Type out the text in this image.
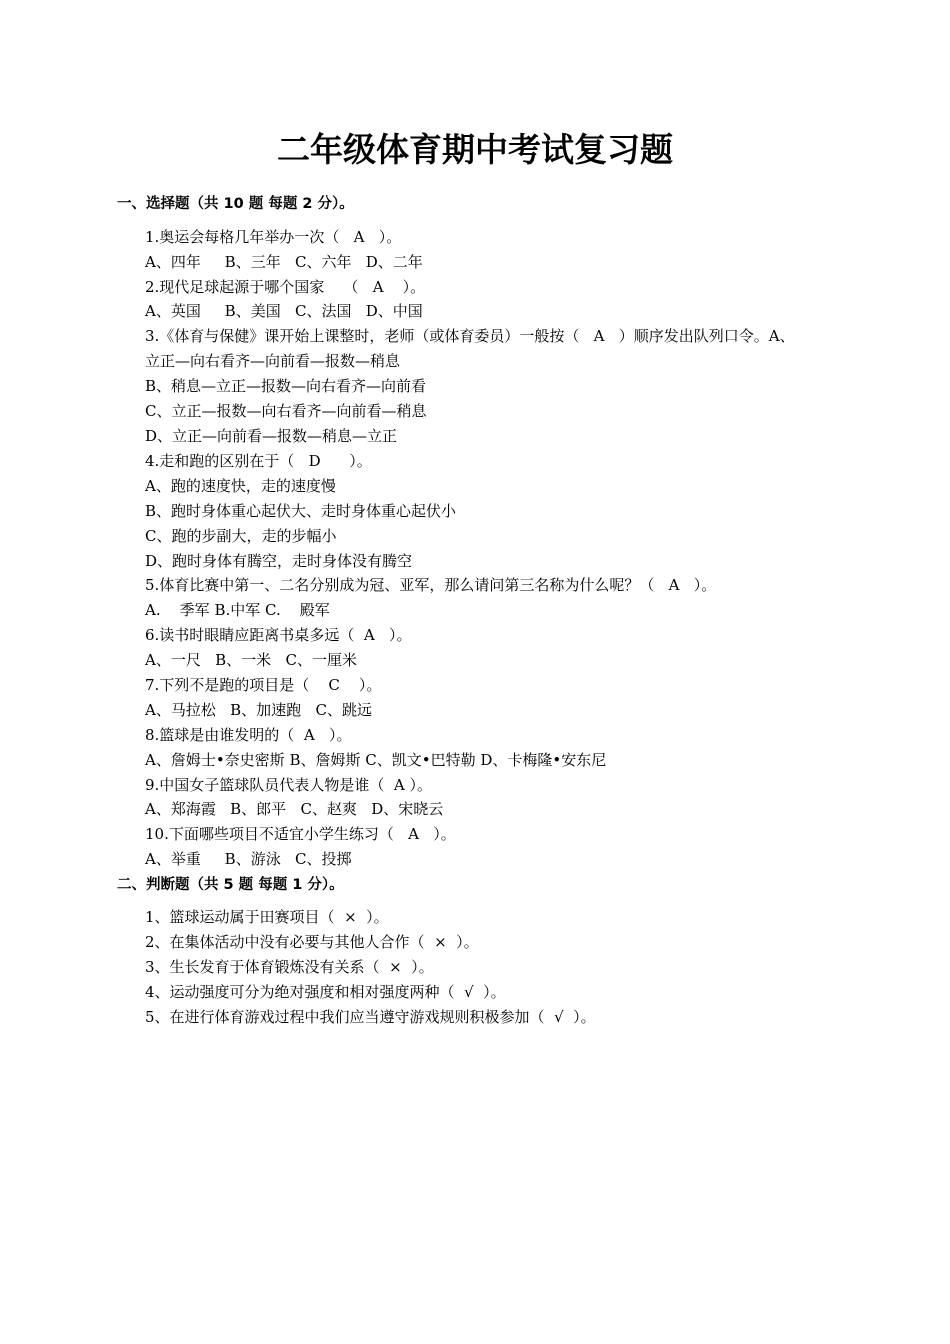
二年级体育期中考试复习题
一、选择题（共 10 题 每题 2 分）。
1.奥运会每格几年举办一次（   A   ）。
A、四年     B、三年   C、六年   D、二年
2.现代足球起源于哪个国家    （   A    ）。
A、英国     B、美国   C、法国   D、中国
3.《体育与保健》课开始上课整时，老师（或体育委员）一般按（   A   ）顺序发出队列口令。A、
立正—向右看齐—向前看—报数—稍息
B、稍息—立正—报数—向右看齐—向前看
C、立正—报数—向右看齐—向前看—稍息
D、立正—向前看—报数—稍息—立正
4.走和跑的区别在于（   D      ）。
A、跑的速度快，走的速度慢
B、跑时身体重心起伏大、走时身体重心起伏小
C、跑的步副大，走的步幅小
D、跑时身体有腾空，走时身体没有腾空
5.体育比赛中第一、二名分别成为冠、亚军，那么请问第三名称为什么呢？（   A   ）。
A.    季军 B.中军 C.    殿军
6.读书时眼睛应距离书桌多远（  A   ）。
A、一尺   B、一米   C、一厘米
7.下列不是跑的项目是（    C    ）。
A、马拉松   B、加速跑   C、跳远
8.篮球是由谁发明的（  A   ）。
A、詹姆士•奈史密斯 B、詹姆斯 C、凯文•巴特勒 D、卡梅隆•安东尼
9.中国女子篮球队员代表人物是谁（  A ）。
A、郑海霞   B、郎平   C、赵爽   D、宋晓云
10.下面哪些项目不适宜小学生练习（   A   ）。
A、举重     B、游泳   C、投掷
二、判断题（共 5 题 每题 1 分）。
1、篮球运动属于田赛项目（  ×  ）。
2、在集体活动中没有必要与其他人合作（  ×  ）。
3、生长发育于体育锻炼没有关系（  ×  ）。
4、运动强度可分为绝对强度和相对强度两种（  √  ）。
5、在进行体育游戏过程中我们应当遵守游戏规则积极参加（  √  ）。
